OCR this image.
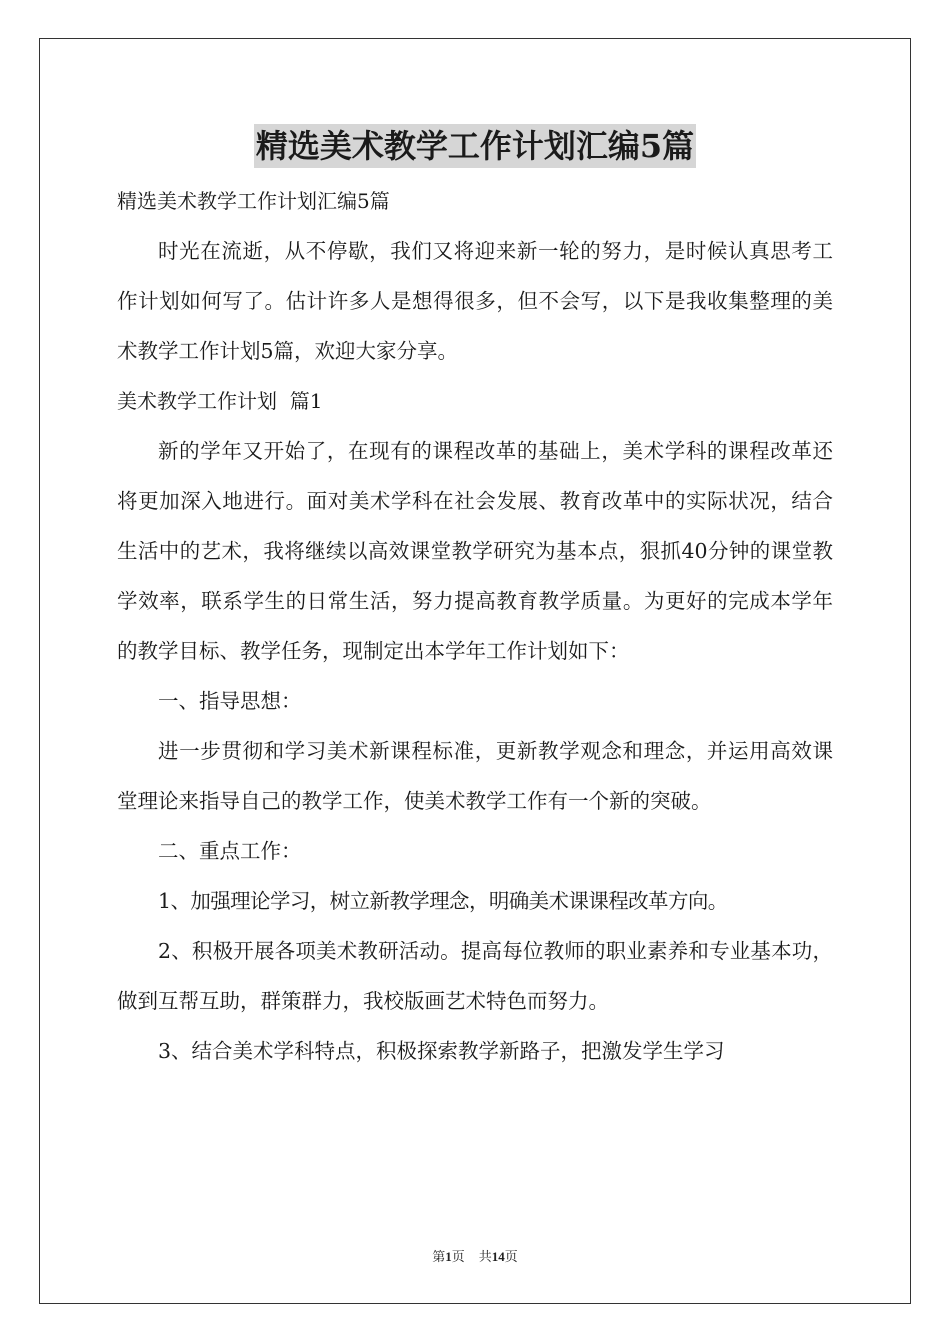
精选美术教学工作计划汇编5篇
精选美术教学工作计划汇编5篇

时光在流逝，从不停歇，我们又将迎来新一轮的努力，是时候认真思考工作计划如何写了。估计许多人是想得很多，但不会写，以下是我收集整理的美术教学工作计划5篇，欢迎大家分享。

美术教学工作计划  篇1

新的学年又开始了，在现有的课程改革的基础上，美术学科的课程改革还将更加深入地进行。面对美术学科在社会发展、教育改革中的实际状况，结合生活中的艺术，我将继续以高效课堂教学研究为基本点，狠抓40分钟的课堂教学效率，联系学生的日常生活，努力提高教育教学质量。为更好的完成本学年的教学目标、教学任务，现制定出本学年工作计划如下：

一、指导思想：

进一步贯彻和学习美术新课程标准，更新教学观念和理念，并运用高效课堂理论来指导自己的教学工作，使美术教学工作有一个新的突破。

二、重点工作：

1、加强理论学习，树立新教学理念，明确美术课课程改革方向。

2、积极开展各项美术教研活动。提高每位教师的职业素养和专业基本功，做到互帮互助，群策群力，我校版画艺术特色而努力。

3、结合美术学科特点，积极探索教学新路子，把激发学生学习

第1页 共14页
